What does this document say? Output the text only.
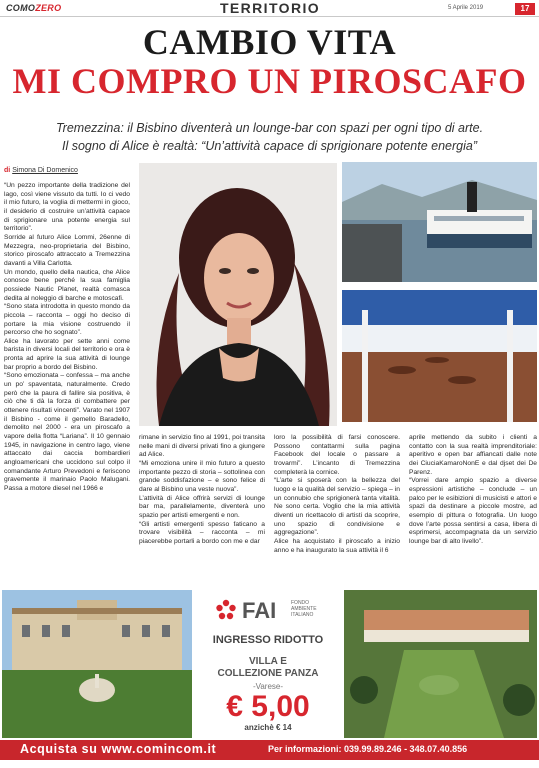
COMOZERO	TERRITORIO	5 Aprile 2019	17
CAMBIO VITA
MI COMPRO UN PIROSCAFO
Tremezzina: il Bisbino diventerà un lounge-bar con spazi per ogni tipo di arte.
Il sogno di Alice è realtà: “Un’attività capace di sprigionare potente energia”
di Simona Di Domenico

“Un pezzo importante della tradizione del lago, così viene vissuto da tutti. Io ci vedo il mio futuro, la voglia di mettermi in gioco, il desiderio di costruire un’attività capace di sprigionare una potente energia sul territorio”.

Sorride al futuro Alice Lommi, 26enne di Mezzegra, neo-proprietaria del Bisbino, storico piroscafo attraccato a Tremezzina davanti a Villa Carlotta.

Un mondo, quello della nautica, che Alice conosce bene perché la sua famiglia possiede Nautic Planet, realtà comasca dedita al noleggio di barche e motoscafi.

“Sono stata introdotta in questo mondo da piccola – racconta – oggi ho deciso di portare la mia visione costruendo il percorso che ho sognato”.

Alice ha lavorato per sette anni come barista in diversi locali del territorio e ora è pronta ad aprire la sua attività di lounge bar proprio a bordo del Bisbino.

“Sono emozionata – confessa – ma anche un po’ spaventata, naturalmente. Credo però che la paura di fallire sia positiva, è ciò che ti dà la forza di combattere per ottenere risultati vincenti”. Varato nel 1907 il Bisbino - come il gemello Baradello, demolito nel 2000 - era un piroscafo a vapore della flotta “Lariana”. Il 10 gennaio 1945, in navigazione in centro lago, viene attaccato dai caccia bombardieri angloamericani che uccidono sul colpo il comandante Arturo Prevedoni e feriscono gravemente il marinaio Paolo Malugani. Passa a motore diesel nel 1966 e

rimane in servizio fino al 1991, poi transita nelle mani di diversi privati fino a giungere ad Alice.

“Mi emoziona unire il mio futuro a questo importante pezzo di storia – sottolinea con grande soddisfazione – e sono felice di dare al Bisbino una veste nuova”.

L’attività di Alice offrirà servizi di lounge bar ma, parallelamente, diventerà uno spazio per artisti emergenti e non.

“Gli artisti emergenti spesso faticano a trovare visibilità – racconta – mi piacerebbe portarli a bordo con me e dar

loro la possibilità di farsi conoscere. Possono contattarmi sulla pagina Facebook del locale o passare a trovarmi”. L’incanto di Tremezzina completerà la cornice.

“L’arte si sposerà con la bellezza del luogo e la qualità del servizio – spiega – in un connubio che sprigionerà tanta vitalità. Ne sono certa. Voglio che la mia attività diventi un ricettacolo di artisti da scoprire, uno spazio di condivisione e aggregazione”.

Alice ha acquistato il piroscafo a inizio anno e ha inaugurato la sua attività il 6

aprile mettendo da subito i clienti a contatto con la sua realtà imprenditoriale: aperitivo e open bar affiancati dalle note dei CiuciaKamaroNonE e dal djset dei De Parenz.

“Vorrei dare ampio spazio a diverse espressioni artistiche – conclude – un palco per le esibizioni di musicisti e attori e spazi da destinare a piccole mostre, ad esempio di pittura o fotografia. Un luogo dove l’arte possa sentirsi a casa, libera di esprimersi, accompagnata da un servizio lounge bar di alto livello”.

FAI	FONDO
AMBIENTE
ITALIANO
INGRESSO RIDOTTO
VILLA E
COLLEZIONE PANZA
-Varese-
€ 5,00
anzichè € 14
Acquista su www.comincom.it	Per informazioni: 039.99.89.246 - 348.07.40.856
